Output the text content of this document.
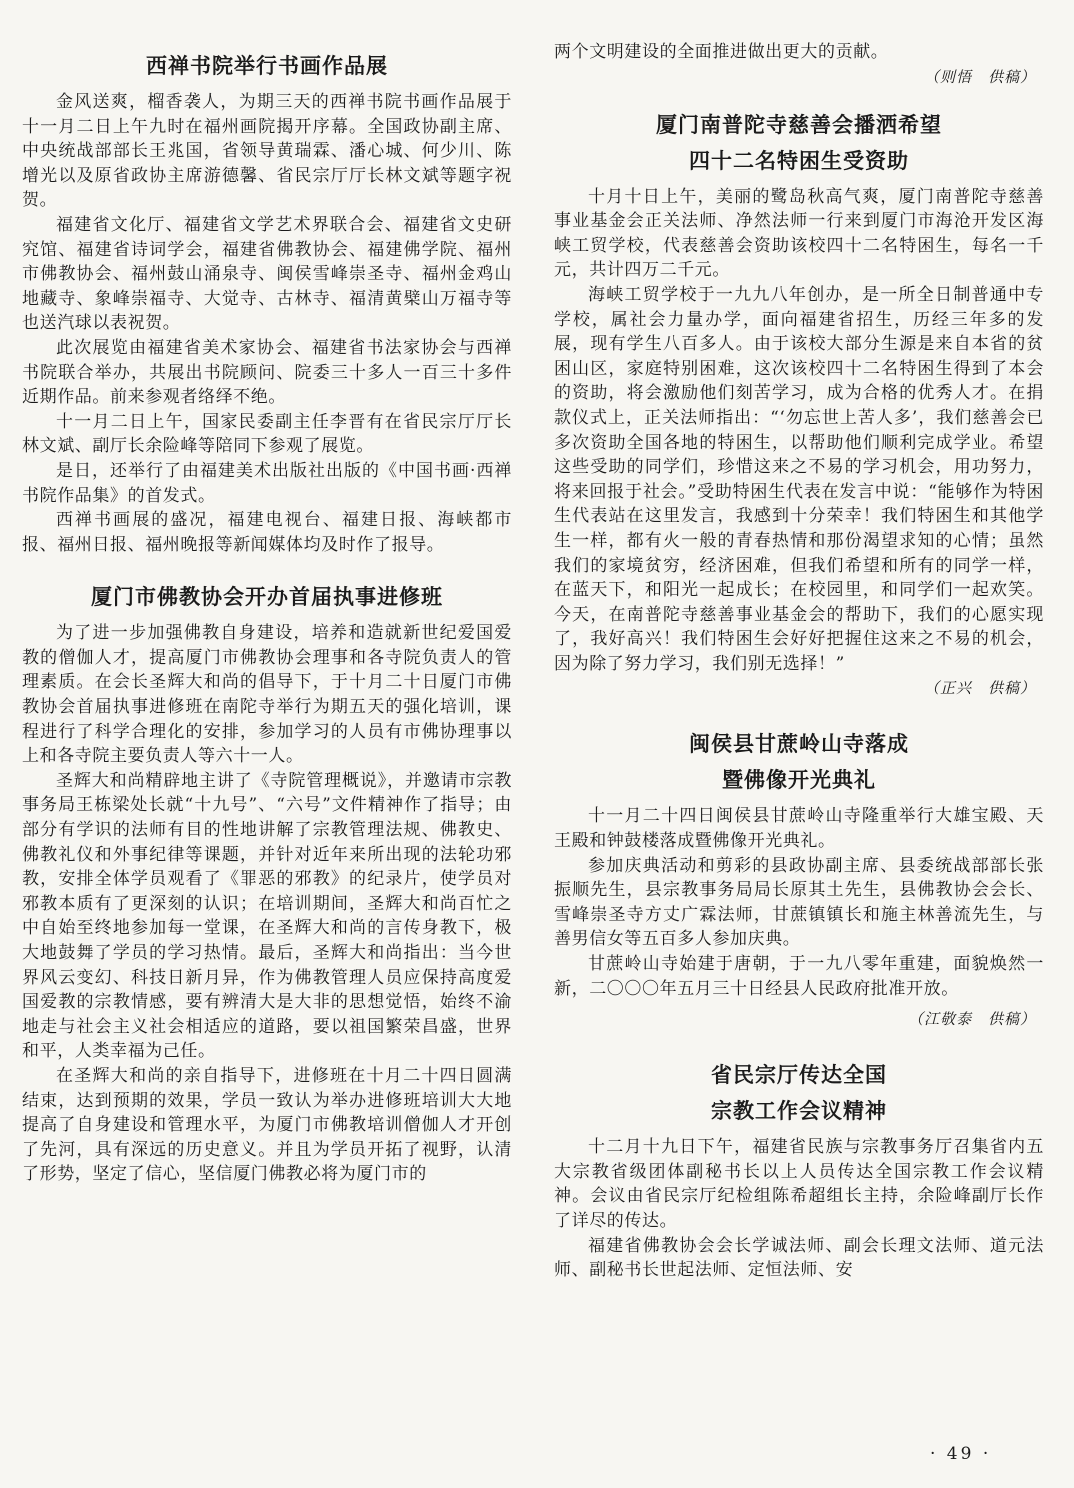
西禅书院举行书画作品展

金风送爽，榴香袭人，为期三天的西禅书院书画作品展于十一月二日上午九时在福州画院揭开序幕。全国政协副主席、中央统战部部长王兆国，省领导黄瑞霖、潘心城、何少川、陈增光以及原省政协主席游德馨、省民宗厅厅长林文斌等题字祝贺。

福建省文化厅、福建省文学艺术界联合会、福建省文史研究馆、福建省诗词学会，福建省佛教协会、福建佛学院、福州市佛教协会、福州鼓山涌泉寺、闽侯雪峰崇圣寺、福州金鸡山地藏寺、象峰崇福寺、大觉寺、古林寺、福清黄檗山万福寺等也送汽球以表祝贺。

此次展览由福建省美术家协会、福建省书法家协会与西禅书院联合举办，共展出书院顾问、院委三十多人一百三十多件近期作品。前来参观者络绎不绝。

十一月二日上午，国家民委副主任李晋有在省民宗厅厅长林文斌、副厅长余险峰等陪同下参观了展览。

是日，还举行了由福建美术出版社出版的《中国书画·西禅书院作品集》的首发式。

西禅书画展的盛况，福建电视台、福建日报、海峡都市报、福州日报、福州晚报等新闻媒体均及时作了报导。

厦门市佛教协会开办首届执事进修班

为了进一步加强佛教自身建设，培养和造就新世纪爱国爱教的僧伽人才，提高厦门市佛教协会理事和各寺院负责人的管理素质。在会长圣辉大和尚的倡导下，于十月二十日厦门市佛教协会首届执事进修班在南陀寺举行为期五天的强化培训，课程进行了科学合理化的安排，参加学习的人员有市佛协理事以上和各寺院主要负责人等六十一人。

圣辉大和尚精辟地主讲了《寺院管理概说》，并邀请市宗教事务局王栋梁处长就“十九号”、“六号”文件精神作了指导；由部分有学识的法师有目的性地讲解了宗教管理法规、佛教史、佛教礼仪和外事纪律等课题，并针对近年来所出现的法轮功邪教，安排全体学员观看了《罪恶的邪教》的纪录片，使学员对邪教本质有了更深刻的认识；在培训期间，圣辉大和尚百忙之中自始至终地参加每一堂课，在圣辉大和尚的言传身教下，极大地鼓舞了学员的学习热情。最后，圣辉大和尚指出：当今世界风云变幻、科技日新月异，作为佛教管理人员应保持高度爱国爱教的宗教情感，要有辨清大是大非的思想觉悟，始终不渝地走与社会主义社会相适应的道路，要以祖国繁荣昌盛，世界和平，人类幸福为己任。

在圣辉大和尚的亲自指导下，进修班在十月二十四日圆满结束，达到预期的效果，学员一致认为举办进修班培训大大地提高了自身建设和管理水平，为厦门市佛教培训僧伽人才开创了先河，具有深远的历史意义。并且为学员开拓了视野，认清了形势，坚定了信心，坚信厦门佛教必将为厦门市的

两个文明建设的全面推进做出更大的贡献。

（则悟　供稿）
厦门南普陀寺慈善会播洒希望
四十二名特困生受资助

十月十日上午，美丽的鹭岛秋高气爽，厦门南普陀寺慈善事业基金会正关法师、净然法师一行来到厦门市海沧开发区海峡工贸学校，代表慈善会资助该校四十二名特困生，每名一千元，共计四万二千元。

海峡工贸学校于一九九八年创办，是一所全日制普通中专学校，属社会力量办学，面向福建省招生，历经三年多的发展，现有学生八百多人。由于该校大部分生源是来自本省的贫困山区，家庭特别困难，这次该校四十二名特困生得到了本会的资助，将会激励他们刻苦学习，成为合格的优秀人才。在捐款仪式上，正关法师指出：“‘勿忘世上苦人多’，我们慈善会已多次资助全国各地的特困生，以帮助他们顺利完成学业。希望这些受助的同学们，珍惜这来之不易的学习机会，用功努力，将来回报于社会。”受助特困生代表在发言中说：“能够作为特困生代表站在这里发言，我感到十分荣幸！我们特困生和其他学生一样，都有火一般的青春热情和那份渴望求知的心情；虽然我们的家境贫穷，经济困难，但我们希望和所有的同学一样，在蓝天下，和阳光一起成长；在校园里，和同学们一起欢笑。今天，在南普陀寺慈善事业基金会的帮助下，我们的心愿实现了，我好高兴！我们特困生会好好把握住这来之不易的机会，因为除了努力学习，我们别无选择！”

（正兴　供稿）
闽侯县甘蔗岭山寺落成
暨佛像开光典礼

十一月二十四日闽侯县甘蔗岭山寺隆重举行大雄宝殿、天王殿和钟鼓楼落成暨佛像开光典礼。

参加庆典活动和剪彩的县政协副主席、县委统战部部长张振顺先生，县宗教事务局局长原其土先生，县佛教协会会长、雪峰崇圣寺方丈广霖法师，甘蔗镇镇长和施主林善流先生，与善男信女等五百多人参加庆典。

甘蔗岭山寺始建于唐朝，于一九八零年重建，面貌焕然一新，二〇〇〇年五月三十日经县人民政府批准开放。

（江敬泰　供稿）
省民宗厅传达全国
宗教工作会议精神

十二月十九日下午，福建省民族与宗教事务厅召集省内五大宗教省级团体副秘书长以上人员传达全国宗教工作会议精神。会议由省民宗厅纪检组陈希超组长主持，余险峰副厅长作了详尽的传达。

福建省佛教协会会长学诚法师、副会长理文法师、道元法师、副秘书长世起法师、定恒法师、安

· 49 ·
